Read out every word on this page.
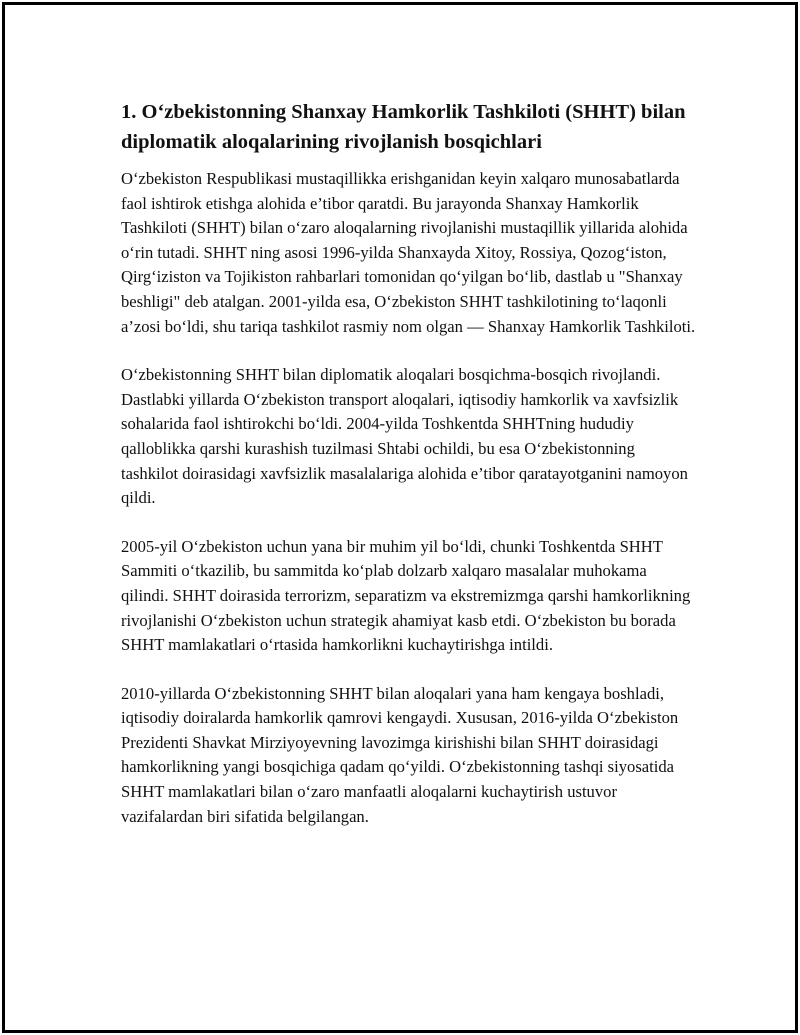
1. O‘zbekistonning Shanxay Hamkorlik Tashkiloti (SHHT) bilan diplomatik aloqalarining rivojlanish bosqichlari

O‘zbekiston Respublikasi mustaqillikka erishganidan keyin xalqaro munosabatlarda faol ishtirok etishga alohida e’tibor qaratdi. Bu jarayonda Shanxay Hamkorlik Tashkiloti (SHHT) bilan o‘zaro aloqalarning rivojlanishi mustaqillik yillarida alohida o‘rin tutadi. SHHT ning asosi 1996-yilda Shanxayda Xitoy, Rossiya, Qozog‘iston, Qirg‘iziston va Tojikiston rahbarlari tomonidan qo‘yilgan bo‘lib, dastlab u "Shanxay beshligi" deb atalgan. 2001-yilda esa, O‘zbekiston SHHT tashkilotining to‘laqonli a’zosi bo‘ldi, shu tariqa tashkilot rasmiy nom olgan — Shanxay Hamkorlik Tashkiloti.

O‘zbekistonning SHHT bilan diplomatik aloqalari bosqichma-bosqich rivojlandi. Dastlabki yillarda O‘zbekiston transport aloqalari, iqtisodiy hamkorlik va xavfsizlik sohalarida faol ishtirokchi bo‘ldi. 2004-yilda Toshkentda SHHTning hududiy qalloblikka qarshi kurashish tuzilmasi Shtabi ochildi, bu esa O‘zbekistonning tashkilot doirasidagi xavfsizlik masalalariga alohida e’tibor qaratayotganini namoyon qildi.

2005-yil O‘zbekiston uchun yana bir muhim yil bo‘ldi, chunki Toshkentda SHHT Sammiti o‘tkazilib, bu sammitda ko‘plab dolzarb xalqaro masalalar muhokama qilindi. SHHT doirasida terrorizm, separatizm va ekstremizmga qarshi hamkorlikning rivojlanishi O‘zbekiston uchun strategik ahamiyat kasb etdi. O‘zbekiston bu borada SHHT mamlakatlari o‘rtasida hamkorlikni kuchaytirishga intildi.

2010-yillarda O‘zbekistonning SHHT bilan aloqalari yana ham kengaya boshladi, iqtisodiy doiralarda hamkorlik qamrovi kengaydi. Xususan, 2016-yilda O‘zbekiston Prezidenti Shavkat Mirziyoyevning lavozimga kirishishi bilan SHHT doirasidagi hamkorlikning yangi bosqichiga qadam qo‘yildi. O‘zbekistonning tashqi siyosatida SHHT mamlakatlari bilan o‘zaro manfaatli aloqalarni kuchaytirish ustuvor vazifalardan biri sifatida belgilangan.
